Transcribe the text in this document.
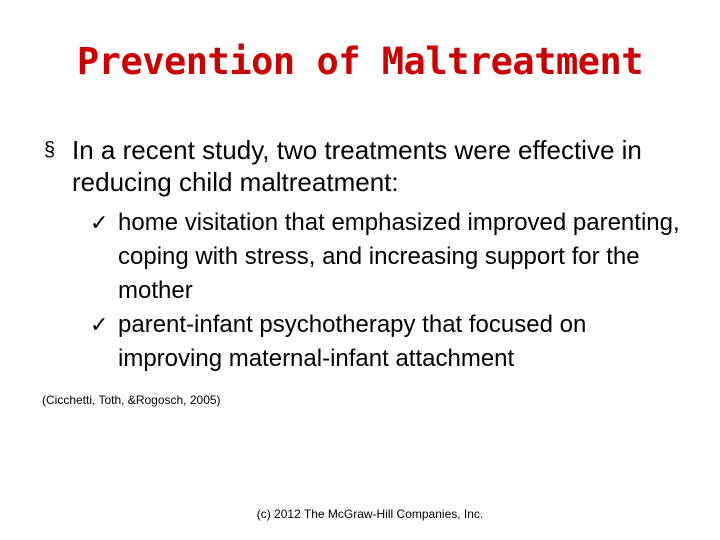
Prevention of Maltreatment
§ In a recent study, two treatments were effective in reducing child maltreatment:
✓ home visitation that emphasized improved parenting, coping with stress, and increasing support for the mother
✓ parent-infant psychotherapy that focused on improving maternal-infant attachment
(Cicchetti, Toth, &Rogosch, 2005)
(c) 2012 The McGraw-Hill Companies, Inc.
